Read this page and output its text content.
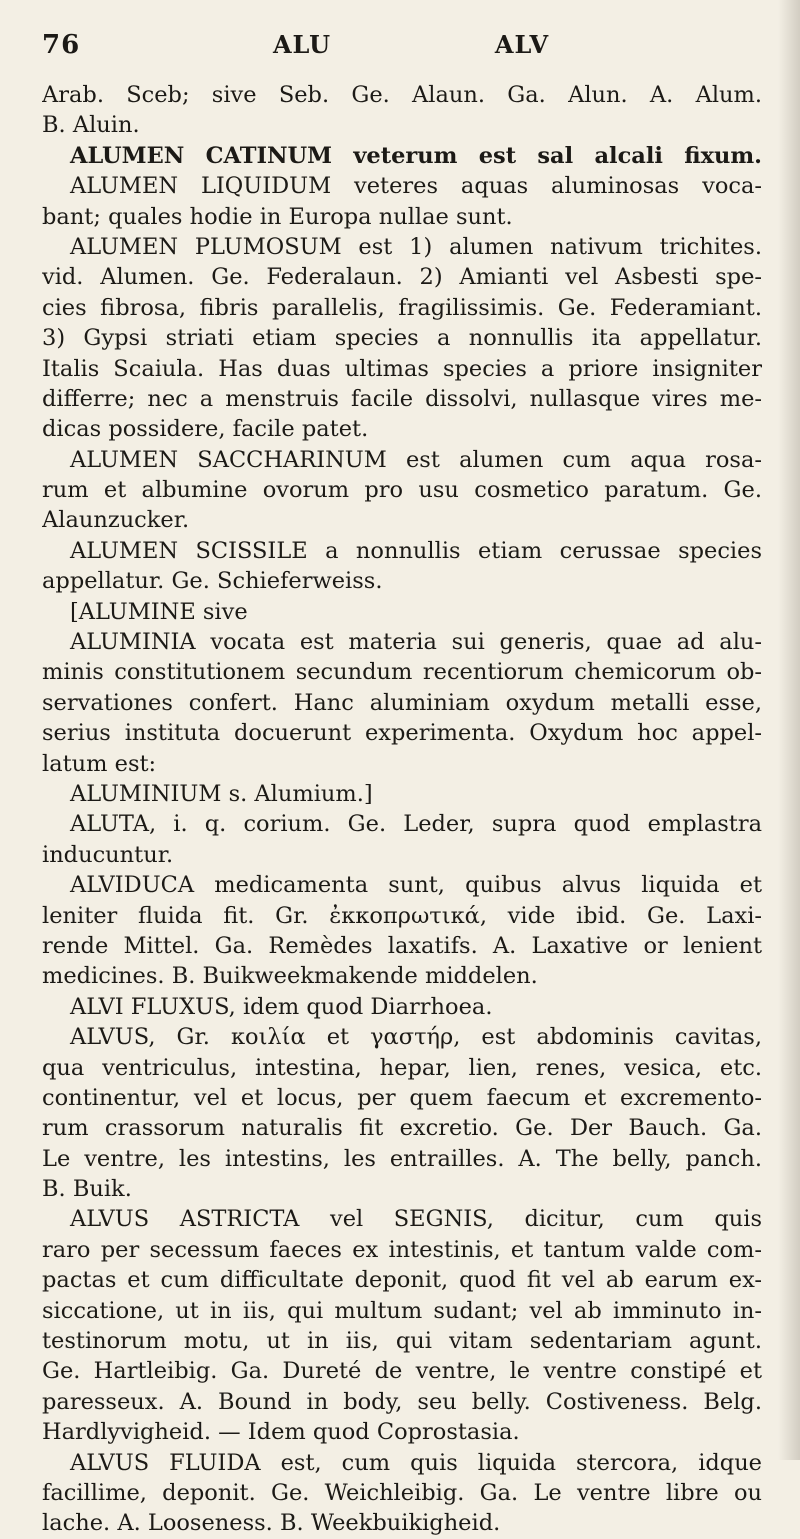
76	ALU	ALV
Arab. Sceb; sive Seb. Ge. Alaun. Ga. Alun. A. Alum.
B. Aluin.
ALUMEN CATINUM veterum est sal alcali fixum.
ALUMEN LIQUIDUM veteres aquas aluminosas voca-
bant; quales hodie in Europa nullae sunt.
ALUMEN PLUMOSUM est 1) alumen nativum trichites.
vid. Alumen. Ge. Federalaun. 2) Amianti vel Asbesti spe-
cies fibrosa, fibris parallelis, fragilissimis. Ge. Federamiant.
3) Gypsi striati etiam species a nonnullis ita appellatur.
Italis Scaiula. Has duas ultimas species a priore insigniter
differre; nec a menstruis facile dissolvi, nullasque vires me-
dicas possidere, facile patet.
ALUMEN SACCHARINUM est alumen cum aqua rosa-
rum et albumine ovorum pro usu cosmetico paratum. Ge.
Alaunzucker.
ALUMEN SCISSILE a nonnullis etiam cerussae species
appellatur. Ge. Schieferweiss.
[ALUMINE sive
ALUMINIA vocata est materia sui generis, quae ad alu-
minis constitutionem secundum recentiorum chemicorum ob-
servationes confert. Hanc aluminiam oxydum metalli esse,
serius instituta docuerunt experimenta. Oxydum hoc appel-
latum est:
ALUMINIUM s. Alumium.]
ALUTA, i. q. corium. Ge. Leder, supra quod emplastra
inducuntur.
ALVIDUCA medicamenta sunt, quibus alvus liquida et
leniter fluida fit. Gr. ἐκκοπρωτικά, vide ibid. Ge. Laxi-
rende Mittel. Ga. Remèdes laxatifs. A. Laxative or lenient
medicines. B. Buikweekmakende middelen.
ALVI FLUXUS, idem quod Diarrhoea.
ALVUS, Gr. κοιλία et γαστήρ, est abdominis cavitas,
qua ventriculus, intestina, hepar, lien, renes, vesica, etc.
continentur, vel et locus, per quem faecum et excremento-
rum crassorum naturalis fit excretio. Ge. Der Bauch. Ga.
Le ventre, les intestins, les entrailles. A. The belly, panch.
B. Buik.
ALVUS ASTRICTA vel SEGNIS, dicitur, cum quis
raro per secessum faeces ex intestinis, et tantum valde com-
pactas et cum difficultate deponit, quod fit vel ab earum ex-
siccatione, ut in iis, qui multum sudant; vel ab imminuto in-
testinorum motu, ut in iis, qui vitam sedentariam agunt.
Ge. Hartleibig. Ga. Dureté de ventre, le ventre constipé et
paresseux. A. Bound in body, seu belly. Costiveness. Belg.
Hardlyvigheid. — Idem quod Coprostasia.
ALVUS FLUIDA est, cum quis liquida stercora, idque
facillime, deponit. Ge. Weichleibig. Ga. Le ventre libre ou
lache. A. Looseness. B. Weekbuikigheid.
